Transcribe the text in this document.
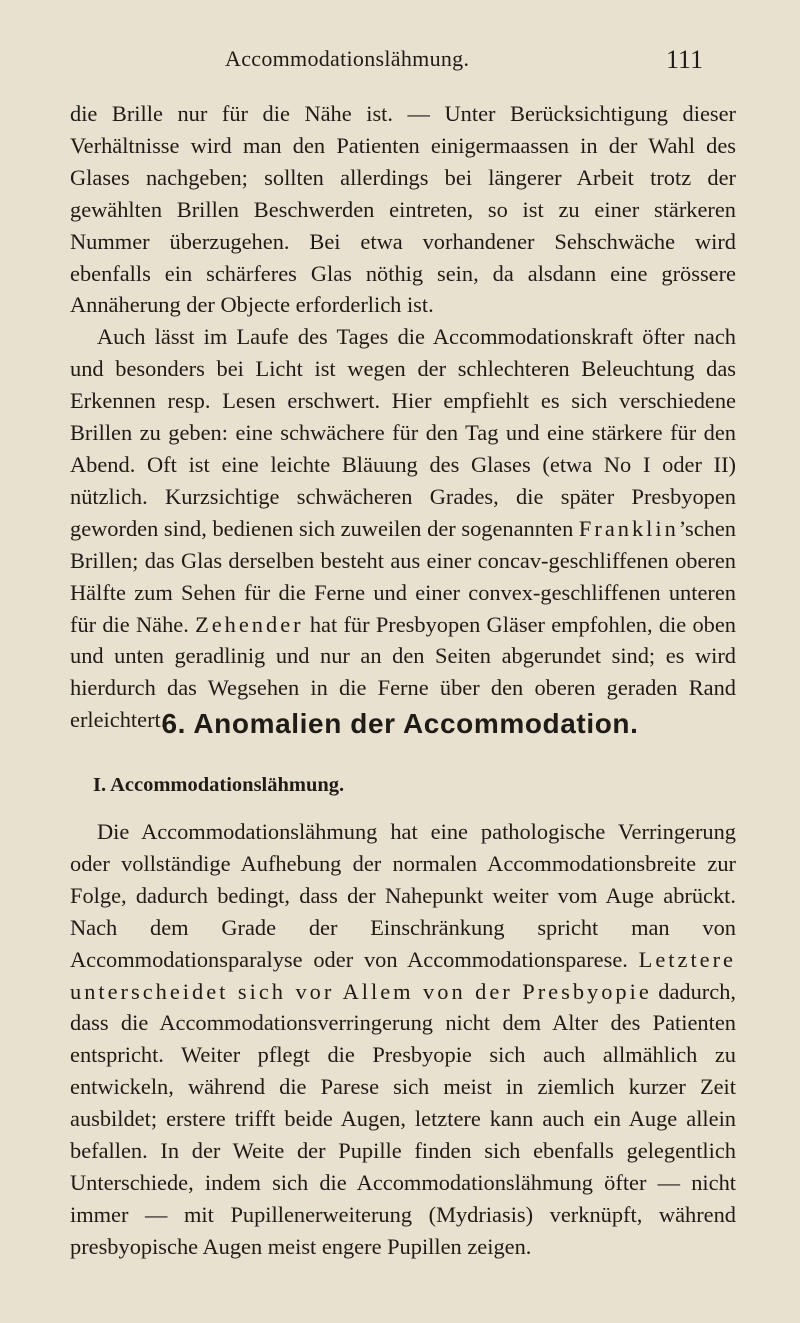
Accommodationslähmung.	111

die Brille nur für die Nähe ist. — Unter Berücksichtigung dieser Verhältnisse wird man den Patienten einigermaassen in der Wahl des Glases nachgeben; sollten allerdings bei längerer Arbeit trotz der gewählten Brillen Beschwerden eintreten, so ist zu einer stärkeren Nummer überzugehen. Bei etwa vorhandener Sehschwäche wird ebenfalls ein schärferes Glas nöthig sein, da alsdann eine grössere Annäherung der Objecte erforderlich ist.

Auch lässt im Laufe des Tages die Accommodationskraft öfter nach und besonders bei Licht ist wegen der schlechteren Beleuchtung das Erkennen resp. Lesen erschwert. Hier empfiehlt es sich verschiedene Brillen zu geben: eine schwächere für den Tag und eine stärkere für den Abend. Oft ist eine leichte Bläuung des Glases (etwa No I oder II) nützlich. Kurzsichtige schwächeren Grades, die später Presbyopen geworden sind, bedienen sich zuweilen der sogenannten Franklin’schen Brillen; das Glas derselben besteht aus einer concav-geschliffenen oberen Hälfte zum Sehen für die Ferne und einer convex-geschliffenen unteren für die Nähe. Zehender hat für Presbyopen Gläser empfohlen, die oben und unten geradlinig und nur an den Seiten abgerundet sind; es wird hierdurch das Wegsehen in die Ferne über den oberen geraden Rand erleichtert.

6. Anomalien der Accommodation.
I. Accommodationslähmung.

Die Accommodationslähmung hat eine pathologische Verringerung oder vollständige Aufhebung der normalen Accommodationsbreite zur Folge, dadurch bedingt, dass der Nahepunkt weiter vom Auge abrückt. Nach dem Grade der Einschränkung spricht man von Accommodationsparalyse oder von Accommodationsparese. Letztere unterscheidet sich vor Allem von der Presbyopie dadurch, dass die Accommodationsverringerung nicht dem Alter des Patienten entspricht. Weiter pflegt die Presbyopie sich auch allmählich zu entwickeln, während die Parese sich meist in ziemlich kurzer Zeit ausbildet; erstere trifft beide Augen, letztere kann auch ein Auge allein befallen. In der Weite der Pupille finden sich ebenfalls gelegentlich Unterschiede, indem sich die Accommodationslähmung öfter — nicht immer — mit Pupillenerweiterung (Mydriasis) verknüpft, während presbyopische Augen meist engere Pupillen zeigen.
